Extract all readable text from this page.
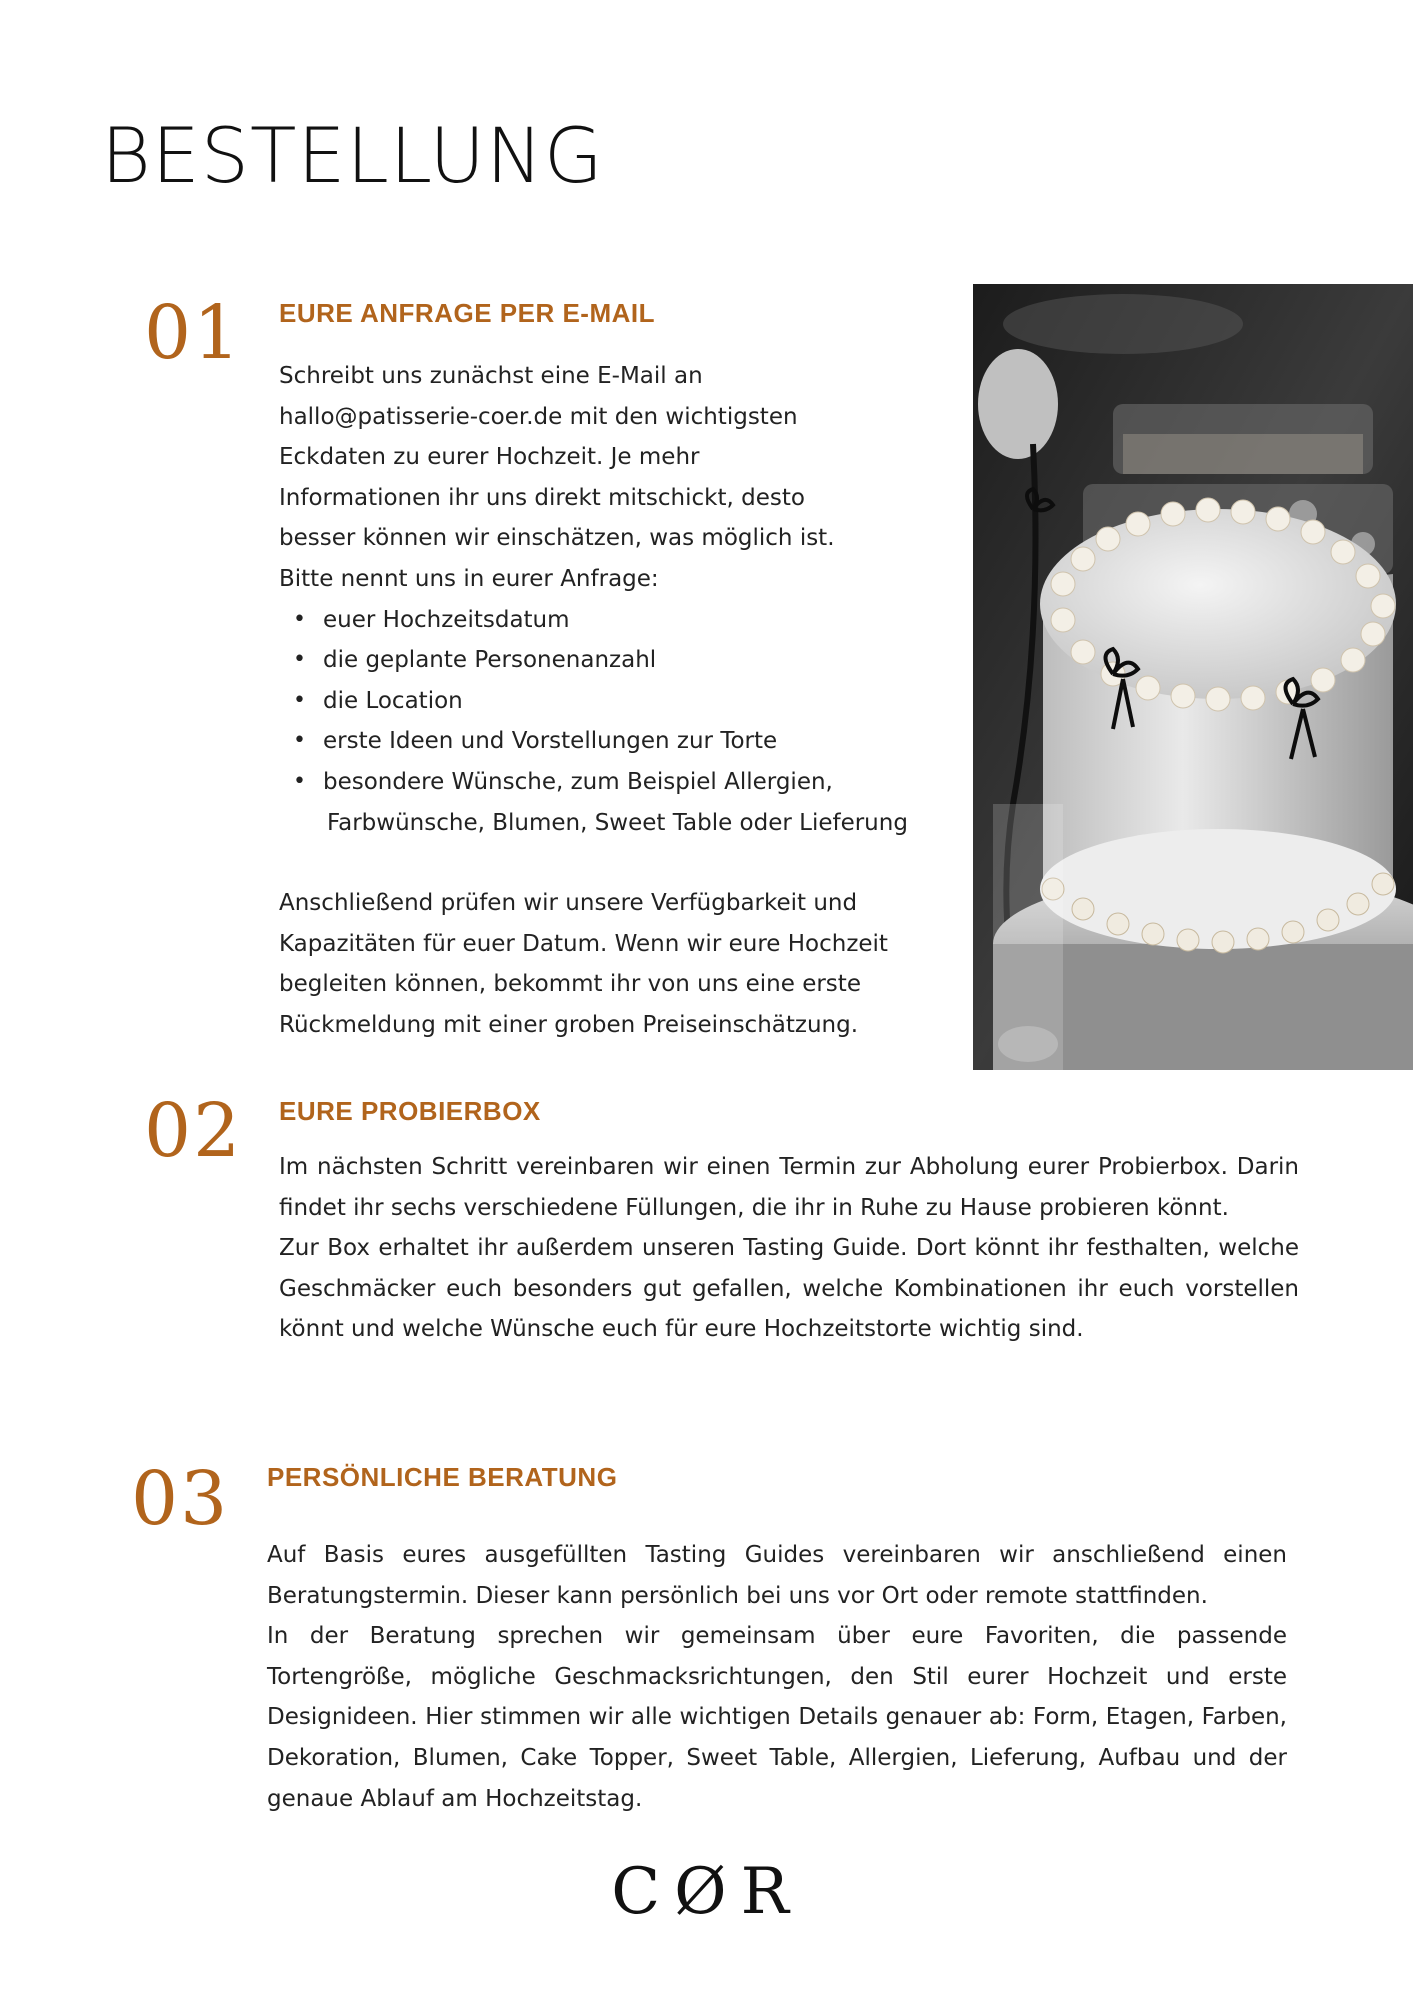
BESTELLUNG
01 EURE ANFRAGE PER E-MAIL

Schreibt uns zunächst eine E-Mail an

hallo@patisserie-coer.de mit den wichtigsten

Eckdaten zu eurer Hochzeit. Je mehr

Informationen ihr uns direkt mitschickt, desto

besser können wir einschätzen, was möglich ist.

Bitte nennt uns in eurer Anfrage:

• euer Hochzeitsdatum
• die geplante Personenanzahl
• die Location
• erste Ideen und Vorstellungen zur Torte
• besondere Wünsche, zum Beispiel Allergien,

Farbwünsche, Blumen, Sweet Table oder Lieferung

Anschließend prüfen wir unsere Verfügbarkeit und

Kapazitäten für euer Datum. Wenn wir eure Hochzeit

begleiten können, bekommt ihr von uns eine erste

Rückmeldung mit einer groben Preiseinschätzung.

02 EURE PROBIERBOX

Im nächsten Schritt vereinbaren wir einen Termin zur Abholung eurer Probierbox. Darin findet ihr sechs verschiedene Füllungen, die ihr in Ruhe zu Hause probieren könnt.

Zur Box erhaltet ihr außerdem unseren Tasting Guide. Dort könnt ihr festhalten, welche Geschmäcker euch besonders gut gefallen, welche Kombinationen ihr euch vorstellen könnt und welche Wünsche euch für eure Hochzeitstorte wichtig sind.

03 PERSÖNLICHE BERATUNG

Auf Basis eures ausgefüllten Tasting Guides vereinbaren wir anschließend einen Beratungstermin. Dieser kann persönlich bei uns vor Ort oder remote stattfinden.

In der Beratung sprechen wir gemeinsam über eure Favoriten, die passende Tortengröße, mögliche Geschmacksrichtungen, den Stil eurer Hochzeit und erste Designideen. Hier stimmen wir alle wichtigen Details genauer ab: Form, Etagen, Farben, Dekoration, Blumen, Cake Topper, Sweet Table, Allergien, Lieferung, Aufbau und der genaue Ablauf am Hochzeitstag.

CØR
